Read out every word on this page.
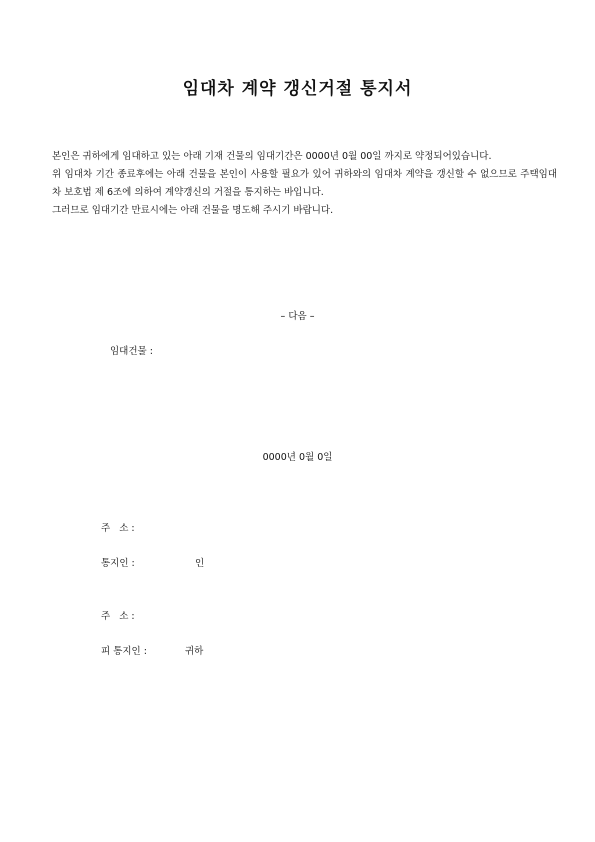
임대차 계약 갱신거절 통지서

본인은 귀하에게 임대하고 있는 아래 기재 건물의 임대기간은 0000년 0월 00일 까지로 약정되어있습니다.

위 임대차 기간 종료후에는 아래 건물을 본인이 사용할 필요가 있어 귀하와의 임대차 계약을 갱신할 수 없으므로 주택임대차 보호법 제 6조에 의하여 계약갱신의 거절을 통지하는 바입니다.

그러므로 임대기간 만료시에는 아래 건물을 명도해 주시기 바랍니다.

– 다음 –
임대건물 :
0000년 0월 0일
주   소 :
통지인 :	인
주   소 :
피 통지인 :	귀하
